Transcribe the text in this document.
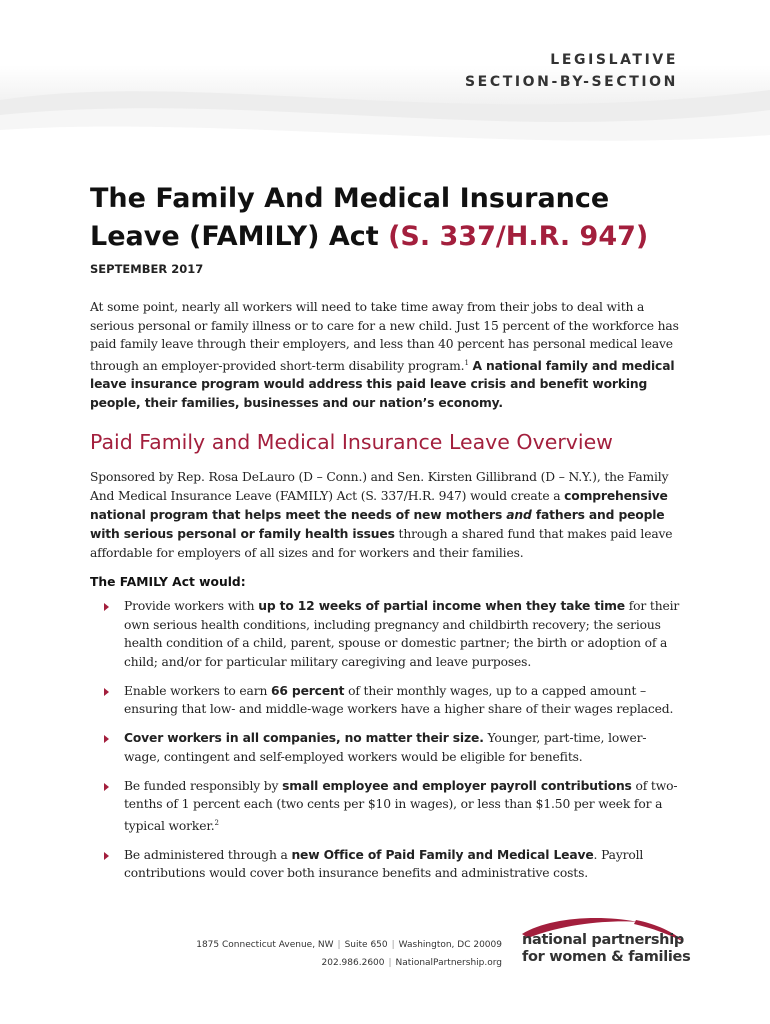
LEGISLATIVE
SECTION-BY-SECTION
The Family And Medical Insurance Leave (FAMILY) Act (S. 337/H.R. 947)
SEPTEMBER 2017
At some point, nearly all workers will need to take time away from their jobs to deal with a serious personal or family illness or to care for a new child. Just 15 percent of the workforce has paid family leave through their employers, and less than 40 percent has personal medical leave through an employer-provided short-term disability program.$^1$ A national family and medical leave insurance program would address this paid leave crisis and benefit working people, their families, businesses and our nation’s economy.
Paid Family and Medical Insurance Leave Overview
Sponsored by Rep. Rosa DeLauro (D – Conn.) and Sen. Kirsten Gillibrand (D – N.Y.), the Family And Medical Insurance Leave (FAMILY) Act (S. 337/H.R. 947) would create a comprehensive national program that helps meet the needs of new mothers and fathers and people with serious personal or family health issues through a shared fund that makes paid leave affordable for employers of all sizes and for workers and their families.
The FAMILY Act would:
Provide workers with up to 12 weeks of partial income when they take time for their own serious health conditions, including pregnancy and childbirth recovery; the serious health condition of a child, parent, spouse or domestic partner; the birth or adoption of a child; and/or for particular military caregiving and leave purposes.
Enable workers to earn 66 percent of their monthly wages, up to a capped amount – ensuring that low- and middle-wage workers have a higher share of their wages replaced.
Cover workers in all companies, no matter their size. Younger, part-time, lower-wage, contingent and self-employed workers would be eligible for benefits.
Be funded responsibly by small employee and employer payroll contributions of two-tenths of 1 percent each (two cents per $10 in wages), or less than $1.50 per week for a typical worker.$^2$
Be administered through a new Office of Paid Family and Medical Leave. Payroll contributions would cover both insurance benefits and administrative costs.
1875 Connecticut Avenue, NW | Suite 650 | Washington, DC 20009
202.986.2600 | NationalPartnership.org
national partnership
for women & families
